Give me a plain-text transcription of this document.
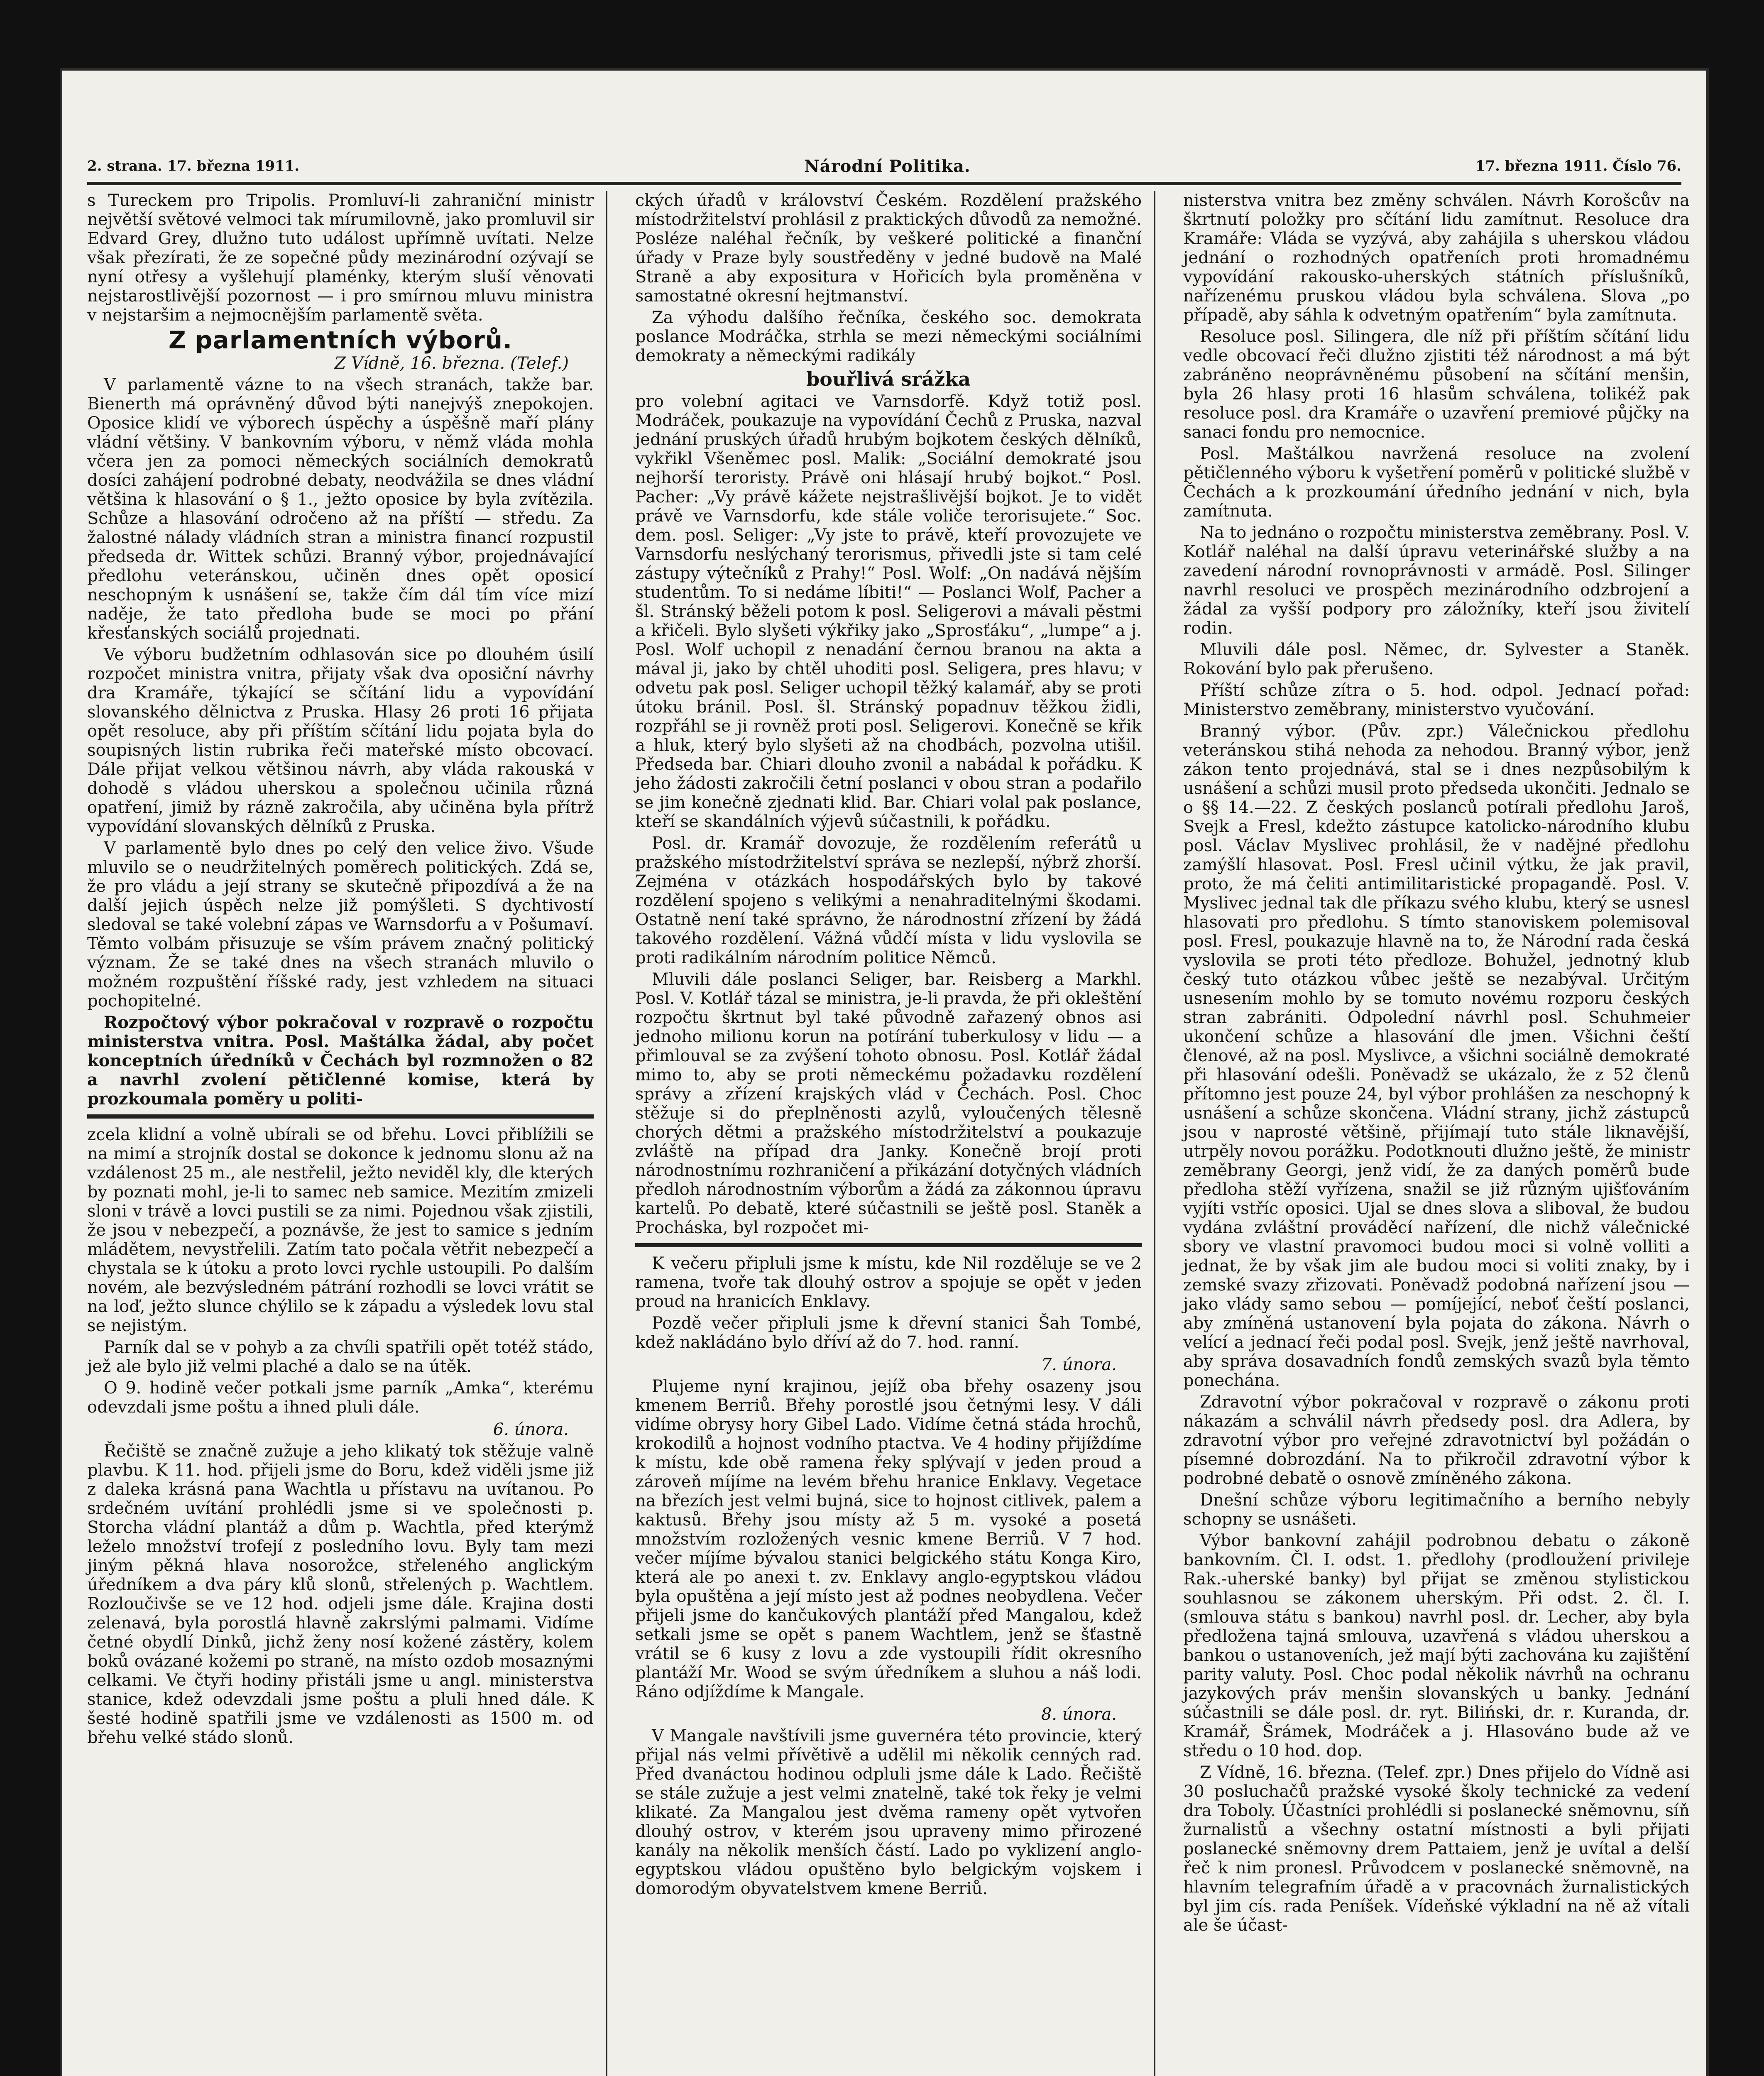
2. strana. 17. března 1911.	Národní Politika.	17. března 1911. Číslo 76.

s Tureckem pro Tripolis. Promluví-li zahraniční ministr největší světové velmoci tak mírumilovně, jako promluvil sir Edvard Grey, dlužno tuto událost upřímně uvítati. Nelze však přezírati, že ze sopečné půdy mezinárodní ozývají se nyní otřesy a vyšlehují plaménky, kterým sluší věnovati nejstarostlivější pozornost — i pro smírnou mluvu ministra v nejstaršim a nejmocnějším parlamentě světa.

Z parlamentních výborů.
Z Vídně, 16. března. (Telef.)

V parlamentě vázne to na všech stranách, takže bar. Bienerth má oprávněný důvod býti nanejvýš znepokojen. Oposice klidí ve výborech úspěchy a úspěšně maří plány vládní většiny. V bankovním výboru, v němž vláda mohla včera jen za pomoci německých sociálních demokratů dosíci zahájení podrobné debaty, neodvážila se dnes vládní většina k hlasování o § 1., ježto oposice by byla zvítězila. Schůze a hlasování odročeno až na příští — středu. Za žalostné nálady vládních stran a ministra financí rozpustil předseda dr. Wittek schůzi. Branný výbor, projednávající předlohu veteránskou, učiněn dnes opět oposicí neschopným k usnášení se, takže čím dál tím více mizí naděje, že tato předloha bude se moci po přání křesťanských sociálů projednati.

Ve výboru budžetním odhlasován sice po dlouhém úsilí rozpočet ministra vnitra, přijaty však dva oposiční návrhy dra Kramáře, týkající se sčítání lidu a vypovídání slovanského dělnictva z Pruska. Hlasy 26 proti 16 přijata opět resoluce, aby při příštím sčítání lidu pojata byla do soupisných listin rubrika řeči mateřské místo obcovací. Dále přijat velkou většinou návrh, aby vláda rakouská v dohodě s vládou uherskou a společnou učinila různá opatření, jimiž by rázně zakročila, aby učiněna byla přítrž vypovídání slovanských dělníků z Pruska.

V parlamentě bylo dnes po celý den velice živo. Všude mluvilo se o neudržitelných poměrech politických. Zdá se, že pro vládu a její strany se skutečně připozdívá a že na další jejich úspěch nelze již pomýšleti. S dychtivostí sledoval se také volební zápas ve Warnsdorfu a v Pošumaví. Těmto volbám přisuzuje se vším právem značný politický význam. Že se také dnes na všech stranách mluvilo o možném rozpuštění říšské rady, jest vzhledem na situaci pochopitelné.

Rozpočtový výbor pokračoval v rozpravě o rozpočtu ministerstva vnitra. Posl. Maštálka žádal, aby počet konceptních úředníků v Čechách byl rozmnožen o 82 a navrhl zvolení pětičlenné komise, která by prozkoumala poměry u politi-

zcela klidní a volně ubírali se od břehu. Lovci přiblížili se na mimí a strojník dostal se dokonce k jednomu slonu až na vzdálenost 25 m., ale nestřelil, ježto neviděl kly, dle kterých by poznati mohl, je-li to samec neb samice. Mezitím zmizeli sloni v trávě a lovci pustili se za nimi. Pojednou však zjistili, že jsou v nebezpečí, a poznávše, že jest to samice s jedním mládětem, nevystřelili. Zatím tato počala větřit nebezpečí a chystala se k útoku a proto lovci rychle ustoupili. Po dalším novém, ale bezvýsledném pátrání rozhodli se lovci vrátit se na loď, ježto slunce chýlilo se k západu a výsledek lovu stal se nejistým.

Parník dal se v pohyb a za chvíli spatřili opět totéž stádo, jež ale bylo již velmi plaché a dalo se na útěk.

O 9. hodině večer potkali jsme parník „Amka“, kterému odevzdali jsme poštu a ihned pluli dále.

6. února.

Řečiště se značně zužuje a jeho klikatý tok stěžuje valně plavbu. K 11. hod. přijeli jsme do Boru, kdež viděli jsme již z daleka krásná pana Wachtla u přístavu na uvítanou. Po srdečném uvítání prohlédli jsme si ve společnosti p. Storcha vládní plantáž a dům p. Wachtla, před kterýmž leželo množství trofejí z posledního lovu. Byly tam mezi jiným pěkná hlava nosorožce, střeleného anglickým úředníkem a dva páry klů slonů, střelených p. Wachtlem. Rozloučivše se ve 12 hod. odjeli jsme dále. Krajina dosti zelenavá, byla porostlá hlavně zakrslými palmami. Vidíme četné obydlí Dinků, jichž ženy nosí kožené zástěry, kolem boků ovázané kožemi po straně, na místo ozdob mosaznými celkami. Ve čtyři hodiny přistáli jsme u angl. ministerstva stanice, kdež odevzdali jsme poštu a pluli hned dále. K šesté hodině spatřili jsme ve vzdálenosti as 1500 m. od břehu velké stádo slonů.

ckých úřadů v království Českém. Rozdělení pražského místodržitelství prohlásil z praktických důvodů za nemožné. Posléze naléhal řečník, by veškeré politické a finanční úřady v Praze byly soustředěny v jedné budově na Malé Straně a aby expositura v Hořicích byla proměněna v samostatné okresní hejtmanství.

Za výhodu dalšího řečníka, českého soc. demokrata poslance Modráčka, strhla se mezi německými sociálními demokraty a německými radikály

bouřlivá srážka

pro volební agitaci ve Varnsdorfě. Když totiž posl. Modráček, poukazuje na vypovídání Čechů z Pruska, nazval jednání pruských úřadů hrubým bojkotem českých dělníků, vykřikl Všeněmec posl. Malik: „Sociální demokraté jsou nejhorší teroristy. Právě oni hlásají hrubý bojkot.“ Posl. Pacher: „Vy právě kážete nejstrašlivější bojkot. Je to vidět právě ve Varnsdorfu, kde stále voliče terorisujete.“ Soc. dem. posl. Seliger: „Vy jste to právě, kteří provozujete ve Varnsdorfu neslýchaný terorismus, přivedli jste si tam celé zástupy výtečníků z Prahy!“ Posl. Wolf: „On nadává nějším studentům. To si nedáme líbiti!“ — Poslanci Wolf, Pacher a šl. Stránský běželi potom k posl. Seligerovi a mávali pěstmi a křičeli. Bylo slyšeti výkřiky jako „Sprosťáku“, „lumpe“ a j. Posl. Wolf uchopil z nenadání černou branou na akta a mával ji, jako by chtěl uhoditi posl. Seligera, pres hlavu; v odvetu pak posl. Seliger uchopil těžký kalamář, aby se proti útoku bránil. Posl. šl. Stránský popadnuv těžkou židli, rozpřáhl se ji rovněž proti posl. Seligerovi. Konečně se křik a hluk, který bylo slyšeti až na chodbách, pozvolna utišil. Předseda bar. Chiari dlouho zvonil a nabádal k pořádku. K jeho žádosti zakročili četní poslanci v obou stran a podařilo se jim konečně zjednati klid. Bar. Chiari volal pak poslance, kteří se skandálních výjevů súčastnili, k pořádku.

Posl. dr. Kramář dovozuje, že rozdělením referátů u pražského místodržitelství správa se nezlepší, nýbrž zhorší. Zejména v otázkách hospodářských bylo by takové rozdělení spojeno s velikými a nenahraditelnými škodami. Ostatně není také správno, že národnostní zřízení by žádá takového rozdělení. Vážná vůdčí místa v lidu vyslovila se proti radikálním národním politice Němců.

Mluvili dále poslanci Seliger, bar. Reisberg a Markhl. Posl. V. Kotlář tázal se ministra, je-li pravda, že při okleštění rozpočtu škrtnut byl také původně zařazený obnos asi jednoho milionu korun na potírání tuberkulosy v lidu — a přimlouval se za zvýšení tohoto obnosu. Posl. Kotlář žádal mimo to, aby se proti německému požadavku rozdělení správy a zřízení krajských vlád v Čechách. Posl. Choc stěžuje si do přeplněnosti azylů, vyloučených tělesně chorých dětmi a pražského místodržitelství a poukazuje zvláště na případ dra Janky. Konečně brojí proti národnostnímu rozhraničení a přikázání dotyčných vládních předloh národnostním výborům a žádá za zákonnou úpravu kartelů. Po debatě, které súčastnili se ještě posl. Staněk a Procháska, byl rozpočet mi-

K večeru připluli jsme k místu, kde Nil rozděluje se ve 2 ramena, tvoře tak dlouhý ostrov a spojuje se opět v jeden proud na hranicích Enklavy.

Pozdě večer připluli jsme k dřevní stanici Šah Tombé, kdež nakládáno bylo dříví až do 7. hod. ranní.

7. února.

Plujeme nyní krajinou, jejíž oba břehy osazeny jsou kmenem Berriů. Břehy porostlé jsou četnými lesy. V dáli vidíme obrysy hory Gibel Lado. Vidíme četná stáda hrochů, krokodilů a hojnost vodního ptactva. Ve 4 hodiny přijíždíme k místu, kde obě ramena řeky splývají v jeden proud a zároveň míjíme na levém břehu hranice Enklavy. Vegetace na březích jest velmi bujná, sice to hojnost citlivek, palem a kaktusů. Břehy jsou místy až 5 m. vysoké a posetá množstvím rozložených vesnic kmene Berriů. V 7 hod. večer míjíme bývalou stanici belgického státu Konga Kiro, která ale po anexi t. zv. Enklavy anglo-egyptskou vládou byla opuštěna a její místo jest až podnes neobydlena. Večer přijeli jsme do kančukových plantáží před Mangalou, kdež setkali jsme se opět s panem Wachtlem, jenž se šťastně vrátil se 6 kusy z lovu a zde vystoupili řídit okresního plantáží Mr. Wood se svým úředníkem a sluhou a náš lodi. Ráno odjíždíme k Mangale.

8. února.

V Mangale navštívili jsme guvernéra této provincie, který přijal nás velmi přívětivě a udělil mi několik cenných rad. Před dvanáctou hodinou odpluli jsme dále k Lado. Řečiště se stále zužuje a jest velmi znatelně, také tok řeky je velmi klikaté. Za Mangalou jest dvěma rameny opět vytvořen dlouhý ostrov, v kterém jsou upraveny mimo přirozené kanály na několik menších částí. Lado po vyklizení anglo-egyptskou vládou opuštěno bylo belgickým vojskem i domorodým obyvatelstvem kmene Berriů.

nisterstva vnitra bez změny schválen. Návrh Korošcův na škrtnutí položky pro sčítání lidu zamítnut. Resoluce dra Kramáře: Vláda se vyzývá, aby zahájila s uherskou vládou jednání o rozhodných opatřeních proti hromadnému vypovídání rakousko-uherských státních příslušníků, nařízenému pruskou vládou byla schválena. Slova „po případě, aby sáhla k odvetným opatřením“ byla zamítnuta.

Resoluce posl. Silingera, dle níž při příštím sčítání lidu vedle obcovací řeči dlužno zjistiti též národnost a má být zabráněno neoprávněnému působení na sčítání menšin, byla 26 hlasy proti 16 hlasům schválena, tolikéž pak resoluce posl. dra Kramáře o uzavření premiové půjčky na sanaci fondu pro nemocnice.

Posl. Maštálkou navržená resoluce na zvolení pětičlenného výboru k vyšetření poměrů v politické službě v Čechách a k prozkoumání úředního jednání v nich, byla zamítnuta.

Na to jednáno o rozpočtu ministerstva zeměbrany. Posl. V. Kotlář naléhal na další úpravu veterinářské služby a na zavedení národní rovnoprávnosti v armádě. Posl. Silinger navrhl resoluci ve prospěch mezinárodního odzbrojení a žádal za vyšší podpory pro záložníky, kteří jsou živitelí rodin.

Mluvili dále posl. Němec, dr. Sylvester a Staněk. Rokování bylo pak přerušeno.

Příští schůze zítra o 5. hod. odpol. Jednací pořad: Ministerstvo zeměbrany, ministerstvo vyučování.

Branný výbor. (Pův. zpr.) Válečnickou předlohu veteránskou stihá nehoda za nehodou. Branný výbor, jenž zákon tento projednává, stal se i dnes nezpůsobilým k usnášení a schůzi musil proto předseda ukončiti. Jednalo se o §§ 14.—22. Z českých poslanců potírali předlohu Jaroš, Svejk a Fresl, kdežto zástupce katolicko-národního klubu posl. Václav Myslivec prohlásil, že v nadějné předlohu zamýšlí hlasovat. Posl. Fresl učinil výtku, že jak pravil, proto, že má čeliti antimilitaristické propagandě. Posl. V. Myslivec jednal tak dle příkazu svého klubu, který se usnesl hlasovati pro předlohu. S tímto stanoviskem polemisoval posl. Fresl, poukazuje hlavně na to, že Národní rada česká vyslovila se proti této předloze. Bohužel, jednotný klub český tuto otázkou vůbec ještě se nezabýval. Určitým usnesením mohlo by se tomuto novému rozporu českých stran zabrániti. Odpolední návrhl posl. Schuhmeier ukončení schůze a hlasování dle jmen. Všichni čeští členové, až na posl. Myslivce, a všichni sociálně demokraté při hlasování odešli. Poněvadž se ukázalo, že z 52 členů přítomno jest pouze 24, byl výbor prohlášen za neschopný k usnášení a schůze skončena. Vládní strany, jichž zástupců jsou v naprosté většině, přijímají tuto stále liknavější, utrpěly novou porážku. Podotknouti dlužno ještě, že ministr zeměbrany Georgi, jenž vidí, že za daných poměrů bude předloha stěží vyřízena, snažil se již různým ujišťováním vyjíti vstříc oposici. Ujal se dnes slova a sliboval, že budou vydána zvláštní prováděcí nařízení, dle nichž válečnické sbory ve vlastní pravomoci budou moci si volně volliti a jednat, že by však jim ale budou moci si voliti znaky, by i zemské svazy zřizovati. Poněvadž podobná nařízení jsou — jako vlády samo sebou — pomíjející, neboť čeští poslanci, aby zmíněná ustanovení byla pojata do zákona. Návrh o velící a jednací řeči podal posl. Svejk, jenž ještě navrhoval, aby správa dosavadních fondů zemských svazů byla těmto ponechána.

Zdravotní výbor pokračoval v rozpravě o zákonu proti nákazám a schválil návrh předsedy posl. dra Adlera, by zdravotní výbor pro veřejné zdravotnictví byl požádán o písemné dobrozdání. Na to přikročil zdravotní výbor k podrobné debatě o osnově zmíněného zákona.

Dnešní schůze výboru legitimačního a berního nebyly schopny se usnášeti.

Výbor bankovní zahájil podrobnou debatu o zákoně bankovním. Čl. I. odst. 1. předlohy (prodloužení privileje Rak.-uherské banky) byl přijat se změnou stylistickou souhlasnou se zákonem uherským. Při odst. 2. čl. I. (smlouva státu s bankou) navrhl posl. dr. Lecher, aby byla předložena tajná smlouva, uzavřená s vládou uherskou a bankou o ustanoveních, jež mají býti zachována ku zajištění parity valuty. Posl. Choc podal několik návrhů na ochranu jazykových práv menšin slovanských u banky. Jednání súčastnili se dále posl. dr. ryt. Biliński, dr. r. Kuranda, dr. Kramář, Šrámek, Modráček a j. Hlasováno bude až ve středu o 10 hod. dop.

Z Vídně, 16. března. (Telef. zpr.) Dnes přijelo do Vídně asi 30 posluchačů pražské vysoké školy technické za vedení dra Toboly. Účastníci prohlédli si poslanecké sněmovnu, síň žurnalistů a všechny ostatní místnosti a byli přijati poslanecké sněmovny drem Pattaiem, jenž je uvítal a delší řeč k nim pronesl. Průvodcem v poslanecké sněmovně, na hlavním telegrafním úřadě a v pracovnách žurnalistických byl jim cís. rada Peníšek. Vídeňské výkladní na ně až vítali ale še účast-
